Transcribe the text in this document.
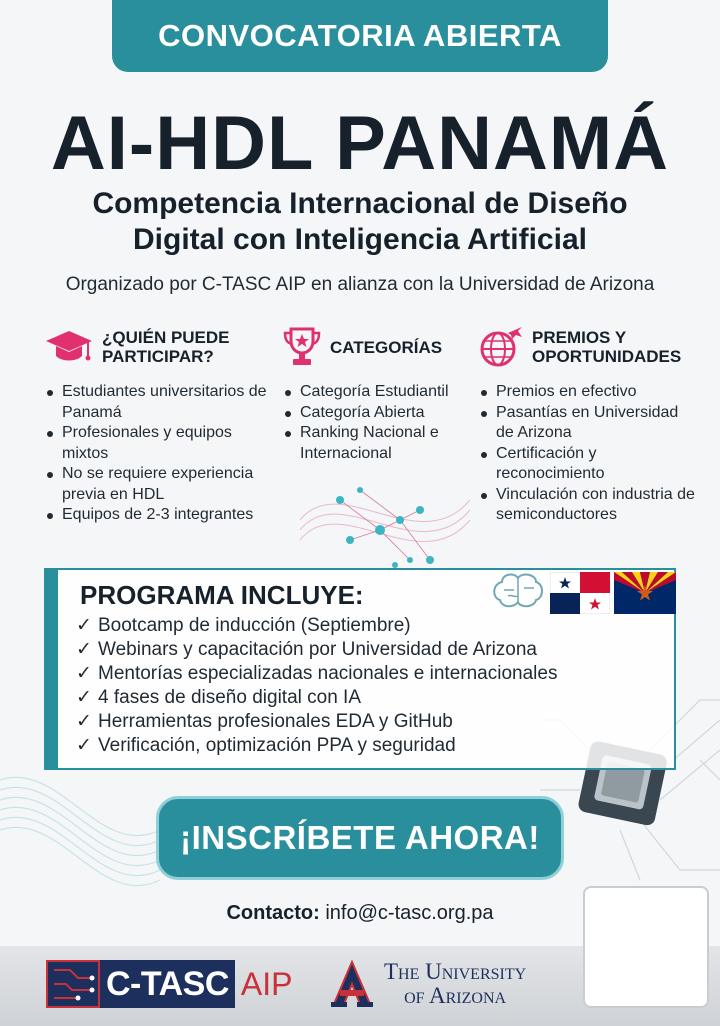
CONVOCATORIA ABIERTA
AI-HDL PANAMÁ
Competencia Internacional de Diseño
Digital con Inteligencia Artificial
Organizado por C-TASC AIP en alianza con la Universidad de Arizona
¿QUIÉN PUEDE
PARTICIPAR?
Estudiantes universitarios de Panamá
Profesionales y equipos mixtos
No se requiere experiencia previa en HDL
Equipos de 2-3 integrantes
CATEGORÍAS
Categoría Estudiantil
Categoría Abierta
Ranking Nacional e Internacional
PREMIOS Y
OPORTUNIDADES
Premios en efectivo
Pasantías en Universidad de Arizona
Certificación y reconocimiento
Vinculación con industria de semiconductores
PROGRAMA INCLUYE:
✓ Bootcamp de inducción (Septiembre)
✓ Webinars y capacitación por Universidad de Arizona
✓ Mentorías especializadas nacionales e internacionales
✓ 4 fases de diseño digital con IA
✓ Herramientas profesionales EDA y GitHub
✓ Verificación, optimización PPA y seguridad
¡INSCRÍBETE AHORA!
Contacto: info@c-tasc.org.pa
C-TASC AIP	The University
of Arizona
